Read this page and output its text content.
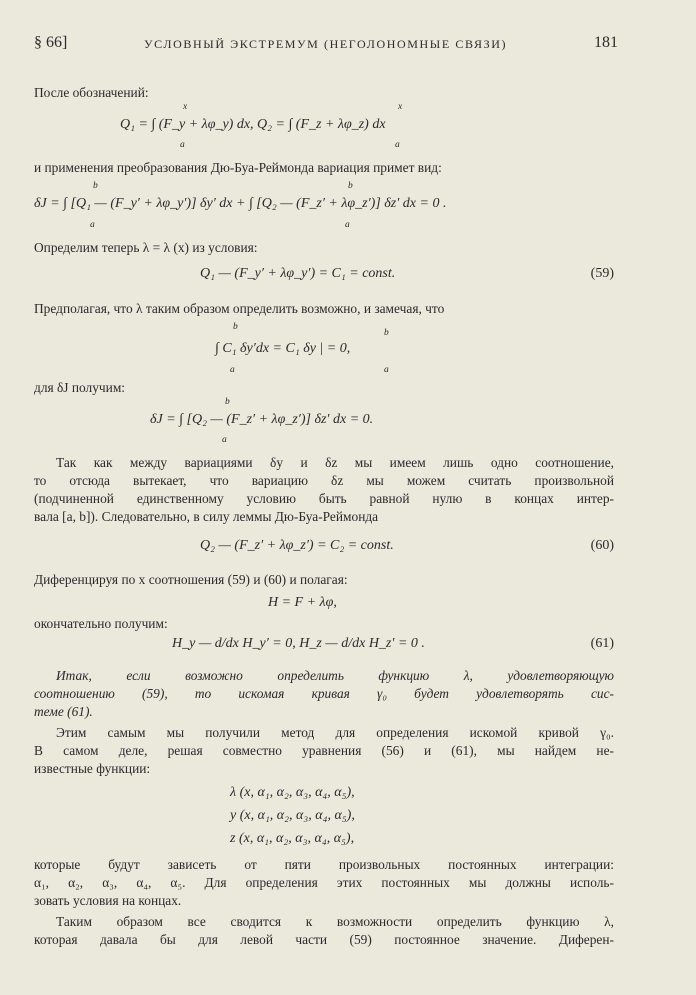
§ 66]	УСЛОВНЫЙ ЭКСТРЕМУМ (НЕГОЛОНОМНЫЕ СВЯЗИ)	181
После обозначений:
x	x
Q₁ = ∫ (F_y + λφ_y) dx, Q₂ = ∫ (F_z + λφ_z) dx
a	a
и применения преобразования Дю-Буа-Реймонда вариация примет вид:
b	b
δJ = ∫ [Q₁ — (F_y′ + λφ_y′)] δy′ dx + ∫ [Q₂ — (F_z′ + λφ_z′)] δz′ dx = 0 .
a	a
Определим теперь λ = λ (x) из условия:
Q₁ — (F_y′ + λφ_y′) = C₁ = const.	(59)
Предполагая, что λ таким образом определить возможно, и замечая, что
b
b
∫ C₁ δy′dx = C₁ δy | = 0,
a	a
для δJ получим:
b
δJ = ∫ [Q₂ — (F_z′ + λφ_z′)] δz′ dx = 0.
a
Так как между вариациями δy и δz мы имеем лишь одно соотношение,
то отсюда вытекает, что вариацию δz мы можем считать произвольной
(подчиненной единственному условию быть равной нулю в концах интер-
вала [a, b]). Следовательно, в силу леммы Дю-Буа-Реймонда
Q₂ — (F_z′ + λφ_z′) = C₂ = const.	(60)
Диференцируя по x соотношения (59) и (60) и полагая:
H = F + λφ,
окончательно получим:
H_y — d/dx H_y′ = 0, H_z — d/dx H_z′ = 0 .	(61)
Итак, если возможно определить функцию λ, удовлетворяющую
соотношению (59), то искомая кривая γ₀ будет удовлетворять сис-
теме (61).
Этим самым мы получили метод для определения искомой кривой γ₀.
В самом деле, решая совместно уравнения (56) и (61), мы найдем не-
известные функции:
λ (x, α₁, α₂, α₃, α₄, α₅),
y (x, α₁, α₂, α₃, α₄, α₅),
z (x, α₁, α₂, α₃, α₄, α₅),
которые будут зависеть от пяти произвольных постоянных интеграции:
α₁, α₂, α₃, α₄, α₅. Для определения этих постоянных мы должны исполь-
зовать условия на концах.
Таким образом все сводится к возможности определить функцию λ,
которая давала бы для левой части (59) постоянное значение. Диферен-
